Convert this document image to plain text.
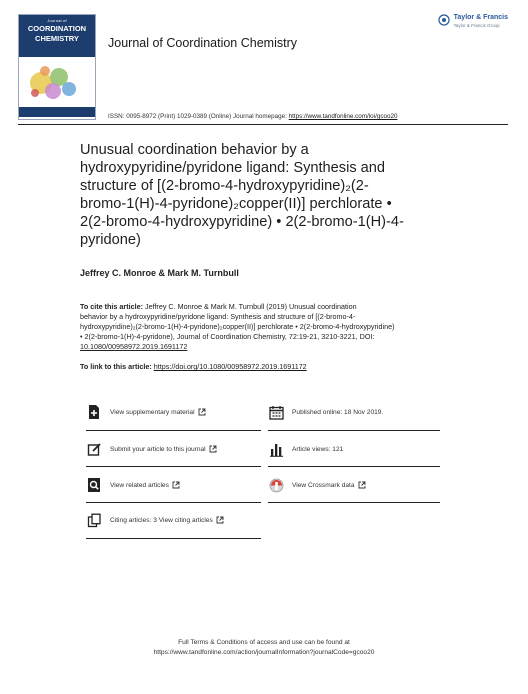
Journal of
COORDINATION
CHEMISTRY	Journal of Coordination Chemistry
Taylor & Francis
Taylor & Francis Group
ISSN: 0095-8972 (Print) 1029-0389 (Online) Journal homepage: https://www.tandfonline.com/loi/gcoo20
Unusual coordination behavior by a
hydroxypyridine/pyridone ligand: Synthesis and
structure of [(2-bromo-4-hydroxypyridine)₂(2-
bromo-1(H)-4-pyridone)₂copper(II)] perchlorate •
2(2-bromo-4-hydroxypyridine) • 2(2-bromo-1(H)-4-
pyridone)
Jeffrey C. Monroe & Mark M. Turnbull
To cite this article: Jeffrey C. Monroe & Mark M. Turnbull (2019) Unusual coordination
behavior by a hydroxypyridine/pyridone ligand: Synthesis and structure of [(2-bromo-4-
hydroxypyridine)₂(2-bromo-1(H)-4-pyridone)₂copper(II)] perchlorate • 2(2-bromo-4-hydroxypyridine)
• 2(2-bromo-1(H)-4-pyridone), Journal of Coordination Chemistry, 72:19-21, 3210-3221, DOI:
10.1080/00958972.2019.1691172
To link to this article: https://doi.org/10.1080/00958972.2019.1691172
View supplementary material
Submit your article to this journal
View related articles
Citing articles: 3 View citing articles
Published online: 18 Nov 2019.
Article views: 121
View Crossmark data
Full Terms & Conditions of access and use can be found at
https://www.tandfonline.com/action/journalInformation?journalCode=gcoo20
